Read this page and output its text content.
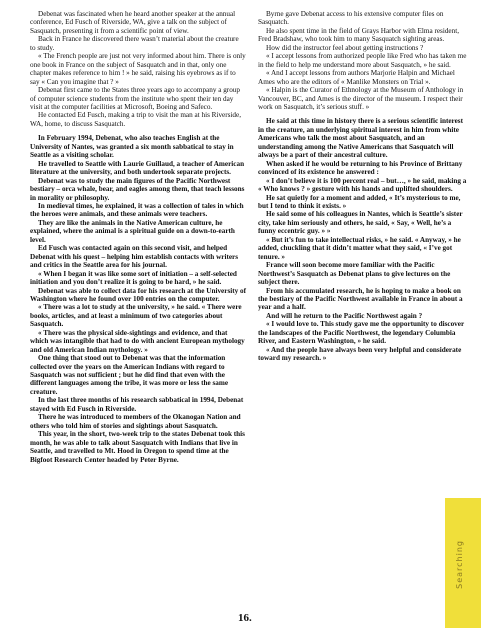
Debenat was fascinated when he heard another speaker at the annual conference, Ed Fusch of Riverside, WA, give a talk on the subject of Sasquatch, presenting it from a scientific point of view.

Back in France he discovered there wasn’t material about the creature to study.

« The French people are just not very informed about him. There is only one book in France on the subject of Sasquatch and in that, only one chapter makes reference to him ! » he said, raising his eyebrows as if to say « Can you imagine that ? »

Debenat first came to the States three years ago to accompany a group of computer science students from the institute who spent their ten day visit at the computer facilities at Microsoft, Boeing and Safeco.

He contacted Ed Fusch, making a trip to visit the man at his Riverside, WA, home, to discuss Sasquatch.

In February 1994, Debenat, who also teaches English at the University of Nantes, was granted a six month sabbatical to stay in Seattle as a visiting scholar.

He travelled to Seattle with Laurie Guillaud, a teacher of American literature at the university, and both undertook separate projects.

Debenat was to study the main figures of the Pacific Northwest bestiary – orca whale, bear, and eagles among them, that teach lessons in morality or philosophy.

In medieval times, he explained, it was a collection of tales in which the heroes were animals, and these animals were teachers.

They are like the animals in the Native American culture, he explained, where the animal is a spiritual guide on a down-to-earth level.

Ed Fusch was contacted again on this second visit, and helped Debenat with his quest – helping him establish contacts with writers and critics in the Seattle area for his journal.

« When I began it was like some sort of initiation – a self-selected initiation and you don’t realize it is going to be hard, » he said.

Debenat was able to collect data for his research at the University of Washington where he found over 100 entries on the computer.

« There was a lot to study at the university, » he said. « There were books, articles, and at least a minimum of two categories about Sasquatch.

« There was the physical side-sightings and evidence, and that which was intangible that had to do with ancient European mythology and old American Indian mythology. »

One thing that stood out to Debenat was that the information collected over the years on the American Indians with regard to Sasquatch was not sufficient ; but he did find that even with the different languages among the tribe, it was more or less the same creature.

In the last three months of his research sabbatical in 1994, Debenat stayed with Ed Fusch in Riverside.

There he was introduced to members of the Okanogan Nation and others who told him of stories and sightings about Sasquatch.

This year, in the short, two-week trip to the states Debenat took this month, he was able to talk about Sasquatch with Indians that live in Seattle, and travelled to Mt. Hood in Oregon to spend time at the Bigfoot Research Center headed by Peter Byrne.

Byrne gave Debenat access to his extensive computer files on Sasquatch.

He also spent time in the field of Grays Harbor with Elma resident, Fred Bradshaw, who took him to many Sasquatch sighting areas.

How did the instructor feel about getting instructions ?

« I accept lessons from authorized people like Fred who has taken me in the field to help me understand more about Sasquatch, » he said.

« And I accept lessons from authors Marjorie Halpin and Michael Ames who are the editors of « Manlike Monsters on Trial ».

« Halpin is the Curator of Ethnology at the Museum of Anthology in Vancouver, BC, and Ames is the director of the museum. I respect their work on Sasquatch, it’s serious stuff. »

He said at this time in history there is a serious scientific interest in the creature, an underlying spiritual interest in him from white Americans who talk the most about Sasquatch, and an understanding among the Native Americans that Sasquatch will always be a part of their ancestral culture.

When asked if he would be returning to his Province of Brittany convinced of its existence he answered :

« I don’t believe it is 100 percent real – but…, » he said, making a « Who knows ? » gesture with his hands and uplifted shoulders.

He sat quietly for a moment and added, « It’s mysterious to me, but I tend to think it exists. »

He said some of his colleagues in Nantes, which is Seattle’s sister city, take him seriously and others, he said, « Say, « Well, he’s a funny eccentric guy. » »

« But it’s fun to take intellectual risks, » he said. « Anyway, » he added, chuckling that it didn’t matter what they said, « I’ve got tenure. »

France will soon become more familiar with the Pacific Northwest’s Sasquatch as Debenat plans to give lectures on the subject there.

From his accumulated research, he is hoping to make a book on the bestiary of the Pacific Northwest available in France in about a year and a half.

And will he return to the Pacific Northwest again ?

« I would love to. This study gave me the opportunity to discover the landscapes of the Pacific Northwest, the legendary Columbia River, and Eastern Washington, » he said.

« And the people have always been very helpful and considerate toward my research. »

Searching
16.
